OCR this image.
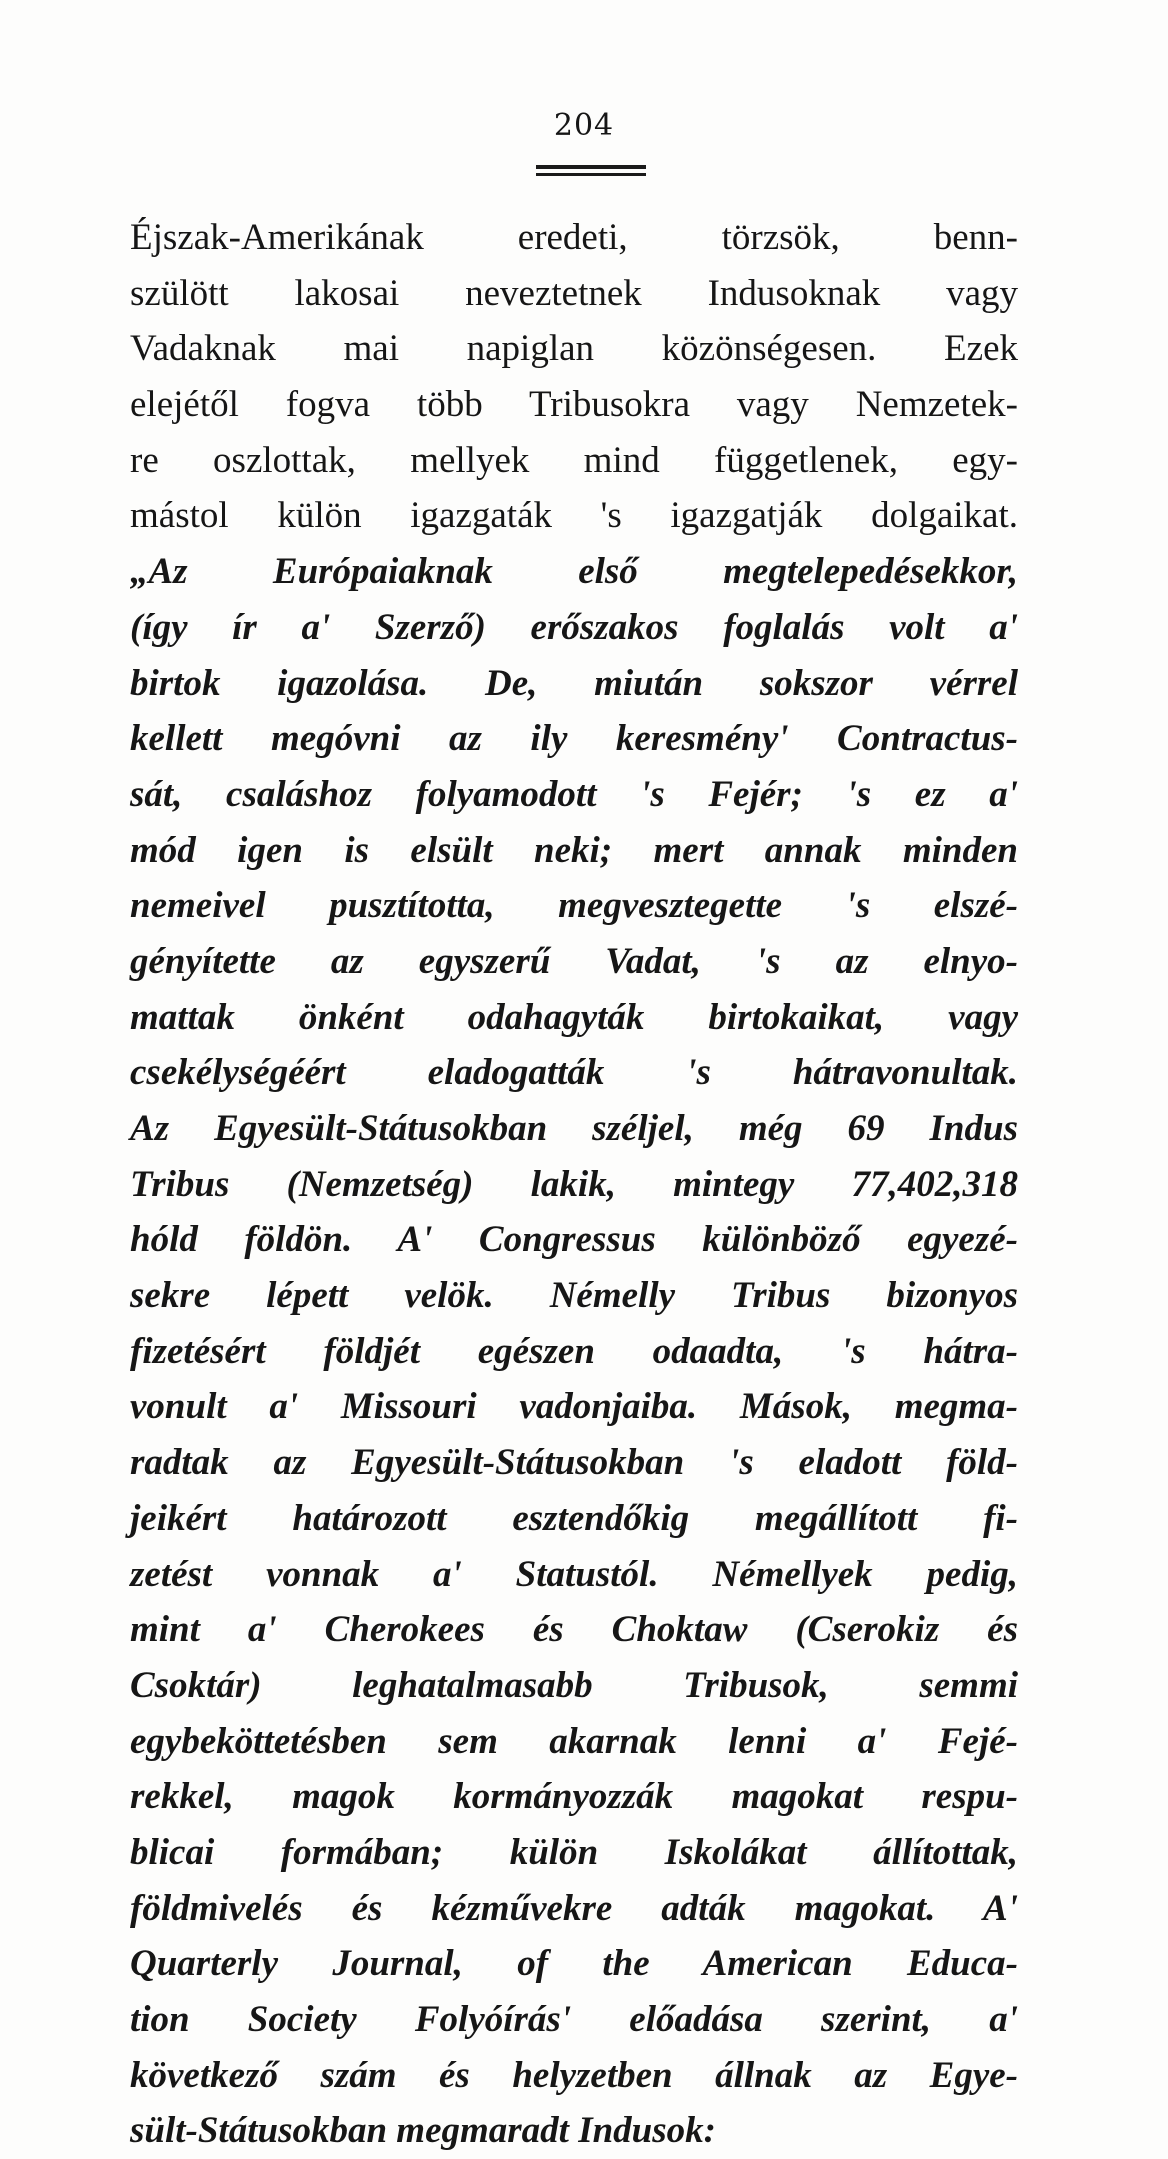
204
Éjszak-Amerikának eredeti, törzsök, benn-
szülött lakosai neveztetnek Indusoknak vagy
Vadaknak mai napiglan közönségesen. Ezek
elejétől fogva több Tribusokra vagy Nemzetek-
re oszlottak, mellyek mind függetlenek, egy-
mástol külön igazgaták 's igazgatják dolgaikat.
„Az Európaiaknak első megtelepedésekkor,
(így ír a' Szerző) erőszakos foglalás volt a'
birtok igazolása. De, miután sokszor vérrel
kellett megóvni az ily keresmény' Contractus-
sát, csaláshoz folyamodott 's Fejér; 's ez a'
mód igen is elsült neki; mert annak minden
nemeivel pusztította, megvesztegette 's elszé-
gényítette az egyszerű Vadat, 's az elnyo-
mattak önként odahagyták birtokaikat, vagy
csekélységéért eladogatták 's hátravonultak.
Az Egyesült-Státusokban széljel, még 69 Indus
Tribus (Nemzetség) lakik, mintegy 77,402,318
hóld földön. A' Congressus különböző egyezé-
sekre lépett velök. Némelly Tribus bizonyos
fizetésért földjét egészen odaadta, 's hátra-
vonult a' Missouri vadonjaiba. Mások, megma-
radtak az Egyesült-Státusokban 's eladott föld-
jeikért határozott esztendőkig megállított fi-
zetést vonnak a' Statustól. Némellyek pedig,
mint a' Cherokees és Choktaw (Cserokiz és
Csoktár) leghatalmasabb Tribusok, semmi
egybeköttetésben sem akarnak lenni a' Fejé-
rekkel, magok kormányozzák magokat respu-
blicai formában; külön Iskolákat állítottak,
földmivelés és kézművekre adták magokat. A'
Quarterly Journal, of the American Educa-
tion Society Folyóírás' előadása szerint, a'
következő szám és helyzetben állnak az Egye-
sült-Státusokban megmaradt Indusok:
